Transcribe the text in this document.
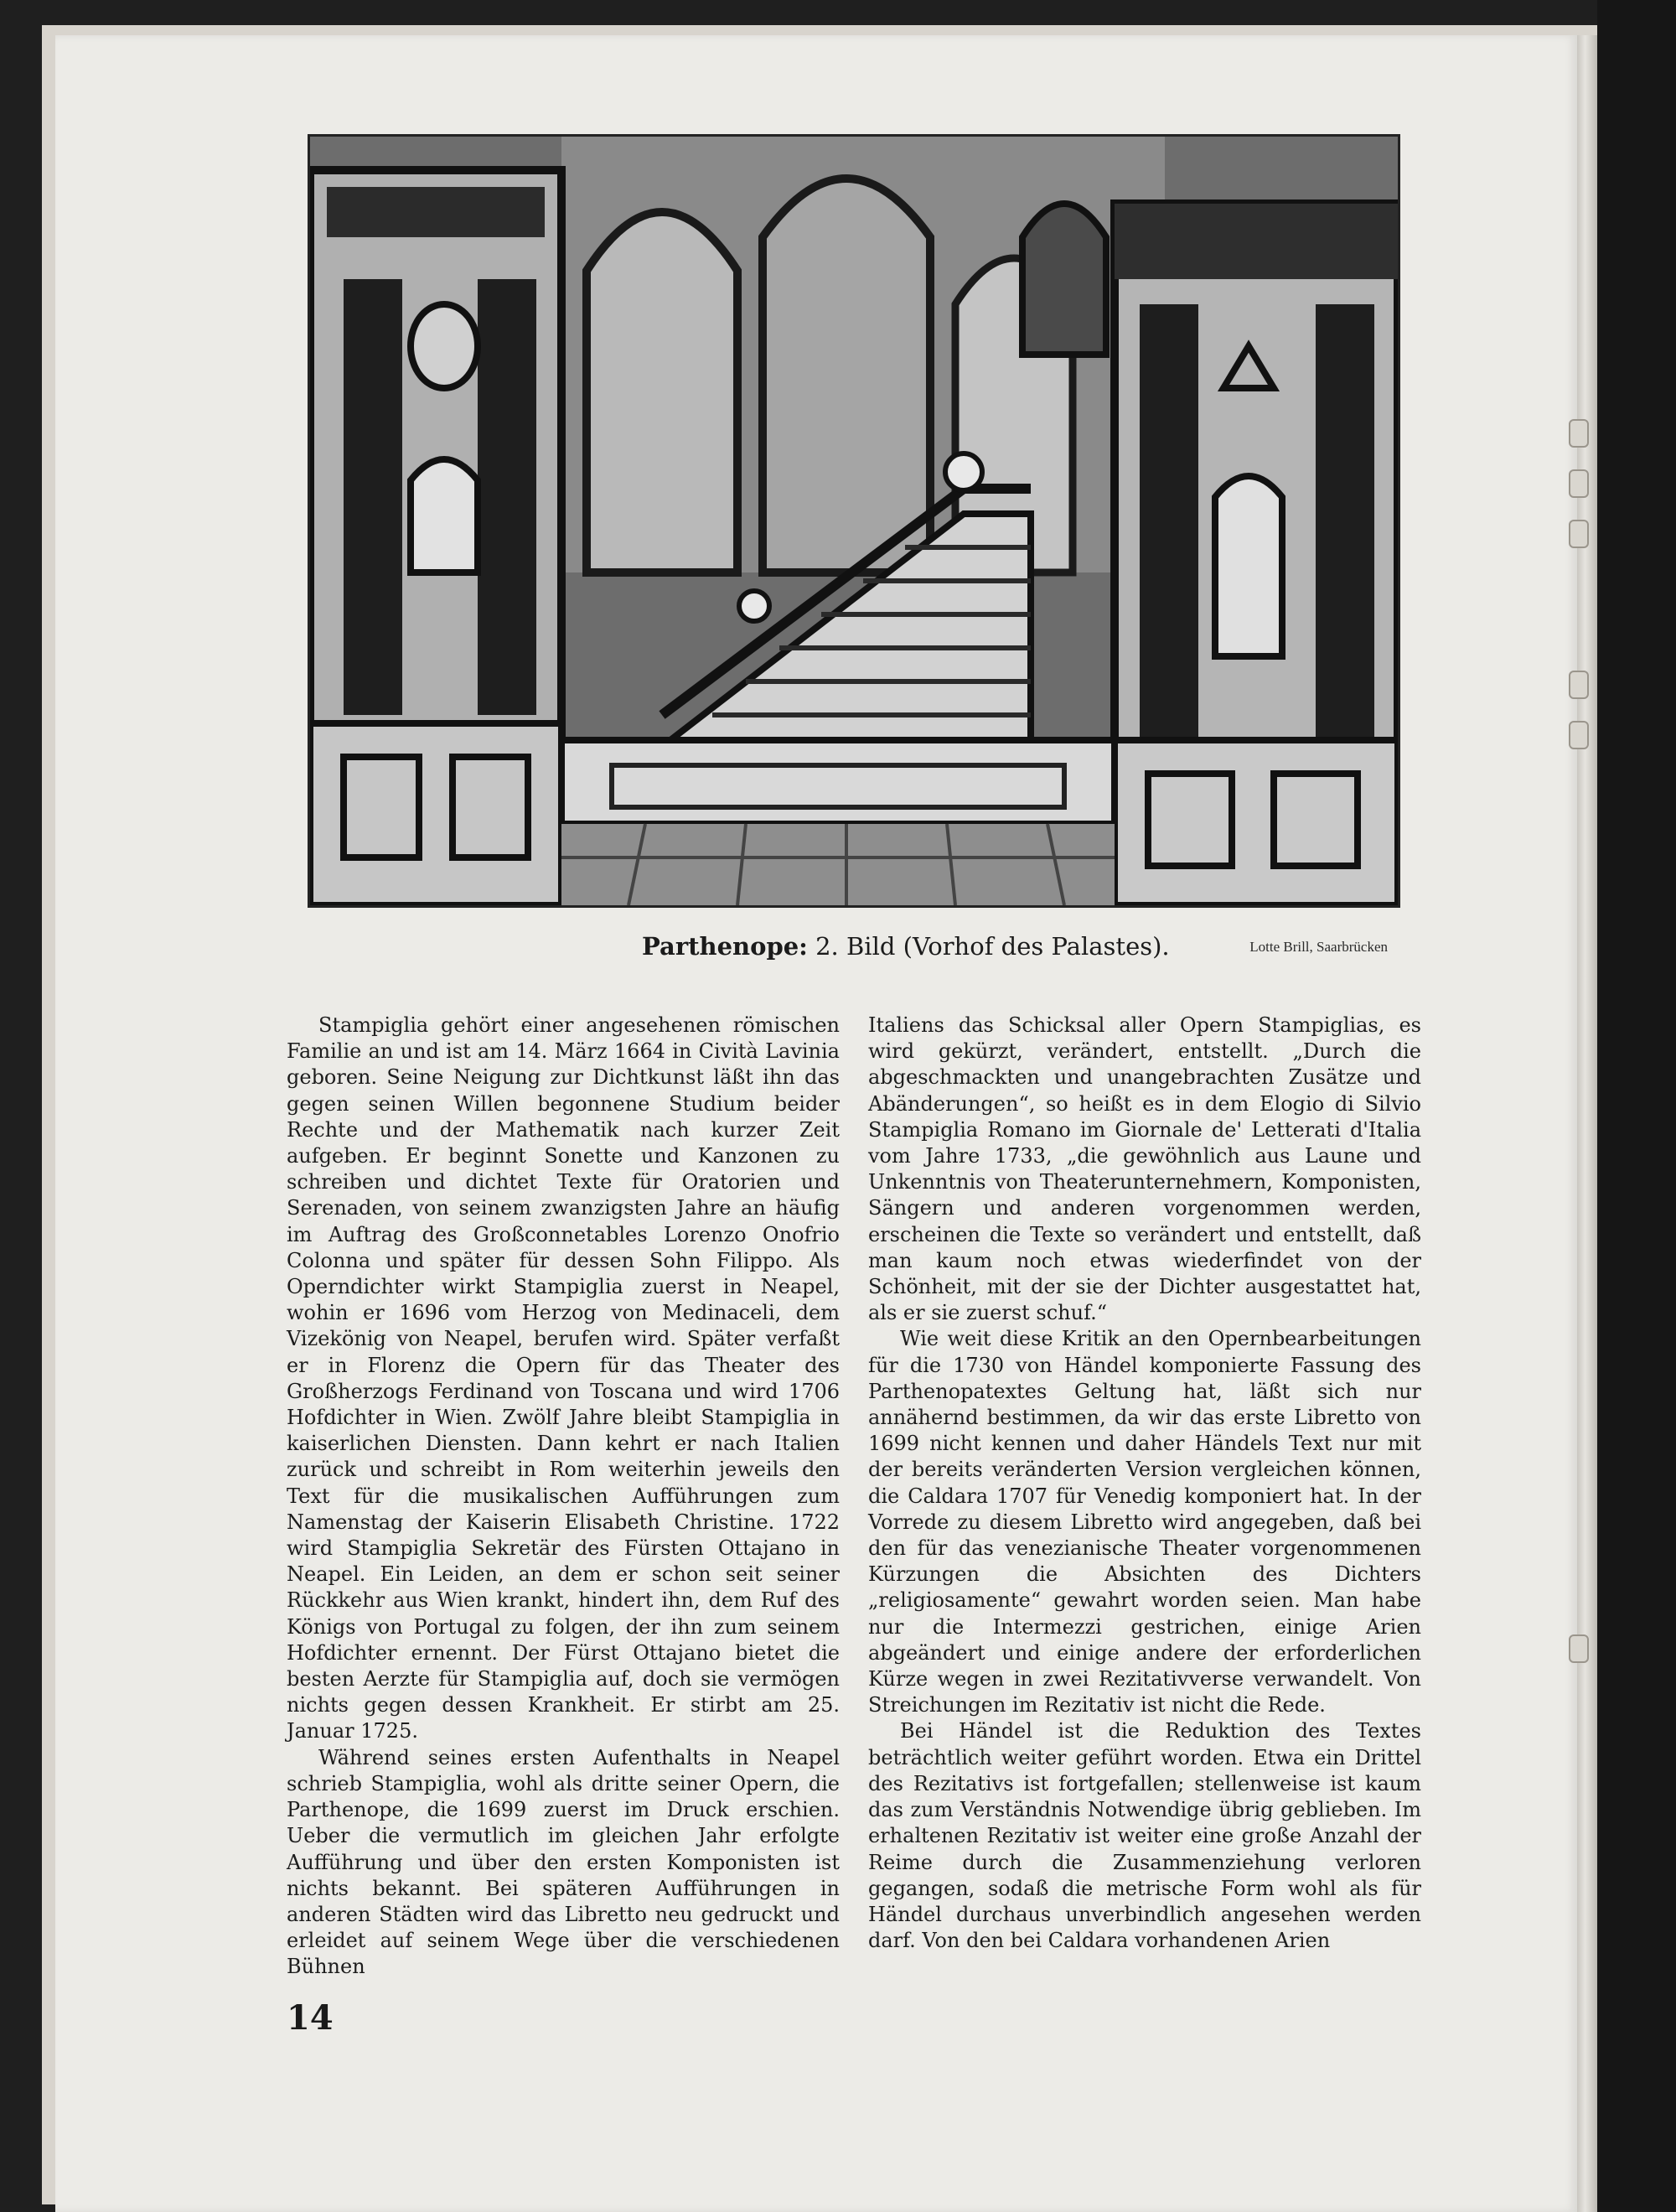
Parthenope: 2. Bild (Vorhof des Palastes).	Lotte Brill, Saarbrücken

Stampiglia gehört einer angesehenen römischen Familie an und ist am 14. März 1664 in Cività Lavinia geboren. Seine Neigung zur Dichtkunst läßt ihn das gegen seinen Willen begonnene Studium beider Rechte und der Mathematik nach kurzer Zeit aufgeben. Er beginnt Sonette und Kanzonen zu schreiben und dichtet Texte für Oratorien und Serenaden, von seinem zwanzigsten Jahre an häufig im Auftrag des Großconnetables Lorenzo Onofrio Colonna und später für dessen Sohn Filippo. Als Operndichter wirkt Stampiglia zuerst in Neapel, wohin er 1696 vom Herzog von Medinaceli, dem Vizekönig von Neapel, berufen wird. Später verfaßt er in Florenz die Opern für das Theater des Großherzogs Ferdinand von Toscana und wird 1706 Hofdichter in Wien. Zwölf Jahre bleibt Stampiglia in kaiserlichen Diensten. Dann kehrt er nach Italien zurück und schreibt in Rom weiterhin jeweils den Text für die musikalischen Aufführungen zum Namenstag der Kaiserin Elisabeth Christine. 1722 wird Stampiglia Sekretär des Fürsten Ottajano in Neapel. Ein Leiden, an dem er schon seit seiner Rückkehr aus Wien krankt, hindert ihn, dem Ruf des Königs von Portugal zu folgen, der ihn zum seinem Hofdichter ernennt. Der Fürst Ottajano bietet die besten Aerzte für Stampiglia auf, doch sie vermögen nichts gegen dessen Krankheit. Er stirbt am 25. Januar 1725.

Während seines ersten Aufenthalts in Neapel schrieb Stampiglia, wohl als dritte seiner Opern, die Parthenope, die 1699 zuerst im Druck erschien. Ueber die vermutlich im gleichen Jahr erfolgte Aufführung und über den ersten Komponisten ist nichts bekannt. Bei späteren Aufführungen in anderen Städten wird das Libretto neu gedruckt und erleidet auf seinem Wege über die verschiedenen Bühnen

Italiens das Schicksal aller Opern Stampiglias, es wird gekürzt, verändert, entstellt. „Durch die abgeschmackten und unangebrachten Zusätze und Abänderungen“, so heißt es in dem Elogio di Silvio Stampiglia Romano im Giornale de' Letterati d'Italia vom Jahre 1733, „die gewöhnlich aus Laune und Unkenntnis von Theaterunternehmern, Komponisten, Sängern und anderen vorgenommen werden, erscheinen die Texte so verändert und entstellt, daß man kaum noch etwas wiederfindet von der Schönheit, mit der sie der Dichter ausgestattet hat, als er sie zuerst schuf.“

Wie weit diese Kritik an den Opernbearbeitungen für die 1730 von Händel komponierte Fassung des Parthenopatextes Geltung hat, läßt sich nur annähernd bestimmen, da wir das erste Libretto von 1699 nicht kennen und daher Händels Text nur mit der bereits veränderten Version vergleichen können, die Caldara 1707 für Venedig komponiert hat. In der Vorrede zu diesem Libretto wird angegeben, daß bei den für das venezianische Theater vorgenommenen Kürzungen die Absichten des Dichters „religiosamente“ gewahrt worden seien. Man habe nur die Intermezzi gestrichen, einige Arien abgeändert und einige andere der erforderlichen Kürze wegen in zwei Rezitativverse verwandelt. Von Streichungen im Rezitativ ist nicht die Rede.

Bei Händel ist die Reduktion des Textes beträchtlich weiter geführt worden. Etwa ein Drittel des Rezitativs ist fortgefallen; stellenweise ist kaum das zum Verständnis Notwendige übrig geblieben. Im erhaltenen Rezitativ ist weiter eine große Anzahl der Reime durch die Zusammenziehung verloren gegangen, sodaß die metrische Form wohl als für Händel durchaus unverbindlich angesehen werden darf. Von den bei Caldara vorhandenen Arien

14
